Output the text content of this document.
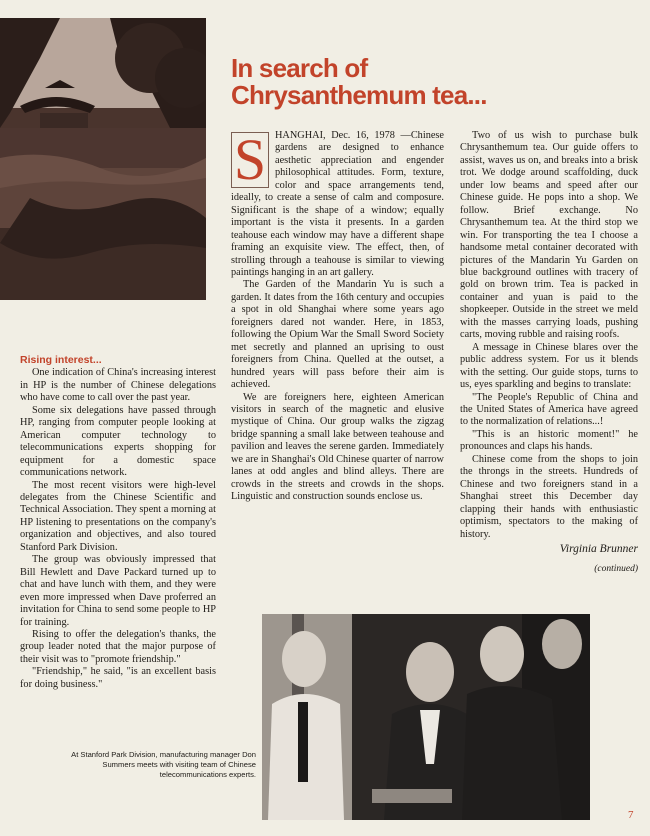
In search of
Chrysanthemum tea...
Rising interest...

One indication of China's increasing interest in HP is the number of Chinese delegations who have come to call over the past year.

Some six delegations have passed through HP, ranging from computer people looking at American computer technology to telecommunications experts shopping for equipment for a domestic space communications network.

The most recent visitors were high-level delegates from the Chinese Scientific and Technical Association. They spent a morning at HP listening to presentations on the company's organization and objectives, and also toured Stanford Park Division.

The group was obviously impressed that Bill Hewlett and Dave Packard turned up to chat and have lunch with them, and they were even more impressed when Dave proferred an invitation for China to send some people to HP for training.

Rising to offer the delegation's thanks, the group leader noted that the major purpose of their visit was to "promote friendship."

"Friendship," he said, "is an excellent basis for doing business."

S HANGHAI, Dec. 16, 1978 —Chinese gardens are designed to enhance aesthetic appreciation and engender philosophical attitudes. Form, texture, color and space arrangements tend, ideally, to create a sense of calm and composure. Significant is the shape of a window; equally important is the vista it presents. In a garden teahouse each window may have a different shape framing an exquisite view. The effect, then, of strolling through a teahouse is similar to viewing paintings hanging in an art gallery.

The Garden of the Mandarin Yu is such a garden. It dates from the 16th century and occupies a spot in old Shanghai where some years ago foreigners dared not wander. Here, in 1853, following the Opium War the Small Sword Society met secretly and planned an uprising to oust foreigners from China. Quelled at the outset, a hundred years will pass before their aim is achieved.

We are foreigners here, eighteen American visitors in search of the magnetic and elusive mystique of China. Our group walks the zigzag bridge spanning a small lake between teahouse and pavilion and leaves the serene garden. Immediately we are in Shanghai's Old Chinese quarter of narrow lanes at odd angles and blind alleys. There are crowds in the streets and crowds in the shops. Linguistic and construction sounds enclose us.

Two of us wish to purchase bulk Chrysanthemum tea. Our guide offers to assist, waves us on, and breaks into a brisk trot. We dodge around scaffolding, duck under low beams and speed after our Chinese guide. He pops into a shop. We follow. Brief exchange. No Chrysanthemum tea. At the third stop we win. For transporting the tea I choose a handsome metal container decorated with pictures of the Mandarin Yu Garden on blue background outlines with tracery of gold on brown trim. Tea is packed in container and yuan is paid to the shopkeeper. Outside in the street we meld with the masses carrying loads, pushing carts, moving rubble and raising roofs.

A message in Chinese blares over the public address system. For us it blends with the setting. Our guide stops, turns to us, eyes sparkling and begins to translate:

"The People's Republic of China and the United States of America have agreed to the normalization of relations...!

"This is an historic moment!" he pronounces and claps his hands.

Chinese come from the shops to join the throngs in the streets. Hundreds of Chinese and two foreigners stand in a Shanghai street this December day clapping their hands with enthusiastic optimism, spectators to the making of history.

Virginia Brunner
(continued)
At Stanford Park Division, manufacturing manager Don Summers meets with visiting team of Chinese telecommunications experts.
7
